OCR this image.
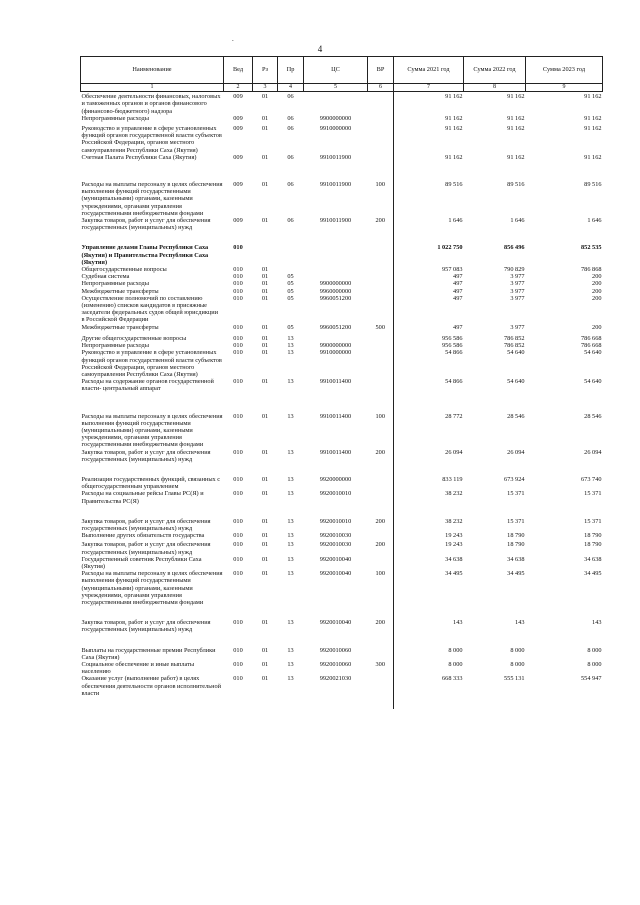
.
4
Наименование	Вед	Рз	Пр	ЦС	ВР	Сумма 2021 год	Сумма 2022 год	Сумма 2023 год
1	2	3	4	5	6	7	8	9
Обеспечение деятельности финансовых, налоговых и таможенных органов и органов финансового (финансово-бюджетного) надзора	009	01	06			91 162	91 162	91 162
Непрограммные расходы	009	01	06	9900000000		91 162	91 162	91 162
Руководство и управление в сфере установленных функций органов государственной власти субъектов Российской Федерации, органов местного самоуправления Республики Саха (Якутия)	009	01	06	9910000000		91 162	91 162	91 162
Счетная Палата Республики Саха (Якутия)	009	01	06	9910011900		91 162	91 162	91 162
Расходы на выплаты персоналу в целях обеспечения выполнения функций государственными (муниципальными) органами, казенными учреждениями, органами управления государственными внебюджетными фондами	009	01	06	9910011900	100	89 516	89 516	89 516
Закупка товаров, работ и услуг для обеспечения государственных (муниципальных) нужд	009	01	06	9910011900	200	1 646	1 646	1 646
Управление делами Главы Республики Саха (Якутия) и Правительства Республики Саха (Якутия)	010					1 022 750	856 496	852 535
Общегосударственные вопросы	010	01				957 083	790 829	786 868
Судебная система	010	01	05			497	3 977	200
Непрограммные расходы	010	01	05	9900000000		497	3 977	200
Межбюджетные трансферты	010	01	05	9960000000		497	3 977	200
Осуществление полномочий по составлению (изменению) списков кандидатов в присяжные заседатели федеральных судов общей юрисдикции в Российской Федерации	010	01	05	9960051200		497	3 977	200
Межбюджетные трансферты	010	01	05	9960051200	500	497	3 977	200
Другие общегосударственные вопросы	010	01	13			956 586	786 852	786 668
Непрограммные расходы	010	01	13	9900000000		956 586	786 852	786 668
Руководство и управление в сфере установленных функций органов государственной власти субъектов Российской Федерации, органов местного самоуправления Республики Саха (Якутия)	010	01	13	9910000000		54 866	54 640	54 640
Расходы на содержание органов государственной власти- центральный аппарат	010	01	13	9910011400		54 866	54 640	54 640
Расходы на выплаты персоналу в целях обеспечения выполнения функций государственными (муниципальными) органами, казенными учреждениями, органами управления государственными внебюджетными фондами	010	01	13	9910011400	100	28 772	28 546	28 546
Закупка товаров, работ и услуг для обеспечения государственных (муниципальных) нужд	010	01	13	9910011400	200	26 094	26 094	26 094
Реализация государственных функций, связанных с общегосударственным управлением	010	01	13	9920000000		833 119	673 924	673 740
Расходы на социальные рейсы Главы РС(Я) и Правительства РС(Я)	010	01	13	9920010010		38 232	15 371	15 371
Закупка товаров, работ и услуг для обеспечения государственных (муниципальных) нужд	010	01	13	9920010010	200	38 232	15 371	15 371
Выполнение других обязательств государства	010	01	13	9920010030		19 243	18 790	18 790
Закупка товаров, работ и услуг для обеспечения государственных (муниципальных) нужд	010	01	13	9920010030	200	19 243	18 790	18 790
Государственный советник Республики Саха (Якутия)	010	01	13	9920010040		34 638	34 638	34 638
Расходы на выплаты персоналу в целях обеспечения выполнения функций государственными (муниципальными) органами, казенными учреждениями, органами управления государственными внебюджетными фондами	010	01	13	9920010040	100	34 495	34 495	34 495
Закупка товаров, работ и услуг для обеспечения государственных (муниципальных) нужд	010	01	13	9920010040	200	143	143	143
Выплаты на государственные премии Республики Саха (Якутия)	010	01	13	9920010060		8 000	8 000	8 000
Социальное обеспечение и иные выплаты населению	010	01	13	9920010060	300	8 000	8 000	8 000
Оказание услуг (выполнение работ) в целях обеспечения деятельности органов исполнительной власти	010	01	13	9920021030		668 333	555 131	554 947
